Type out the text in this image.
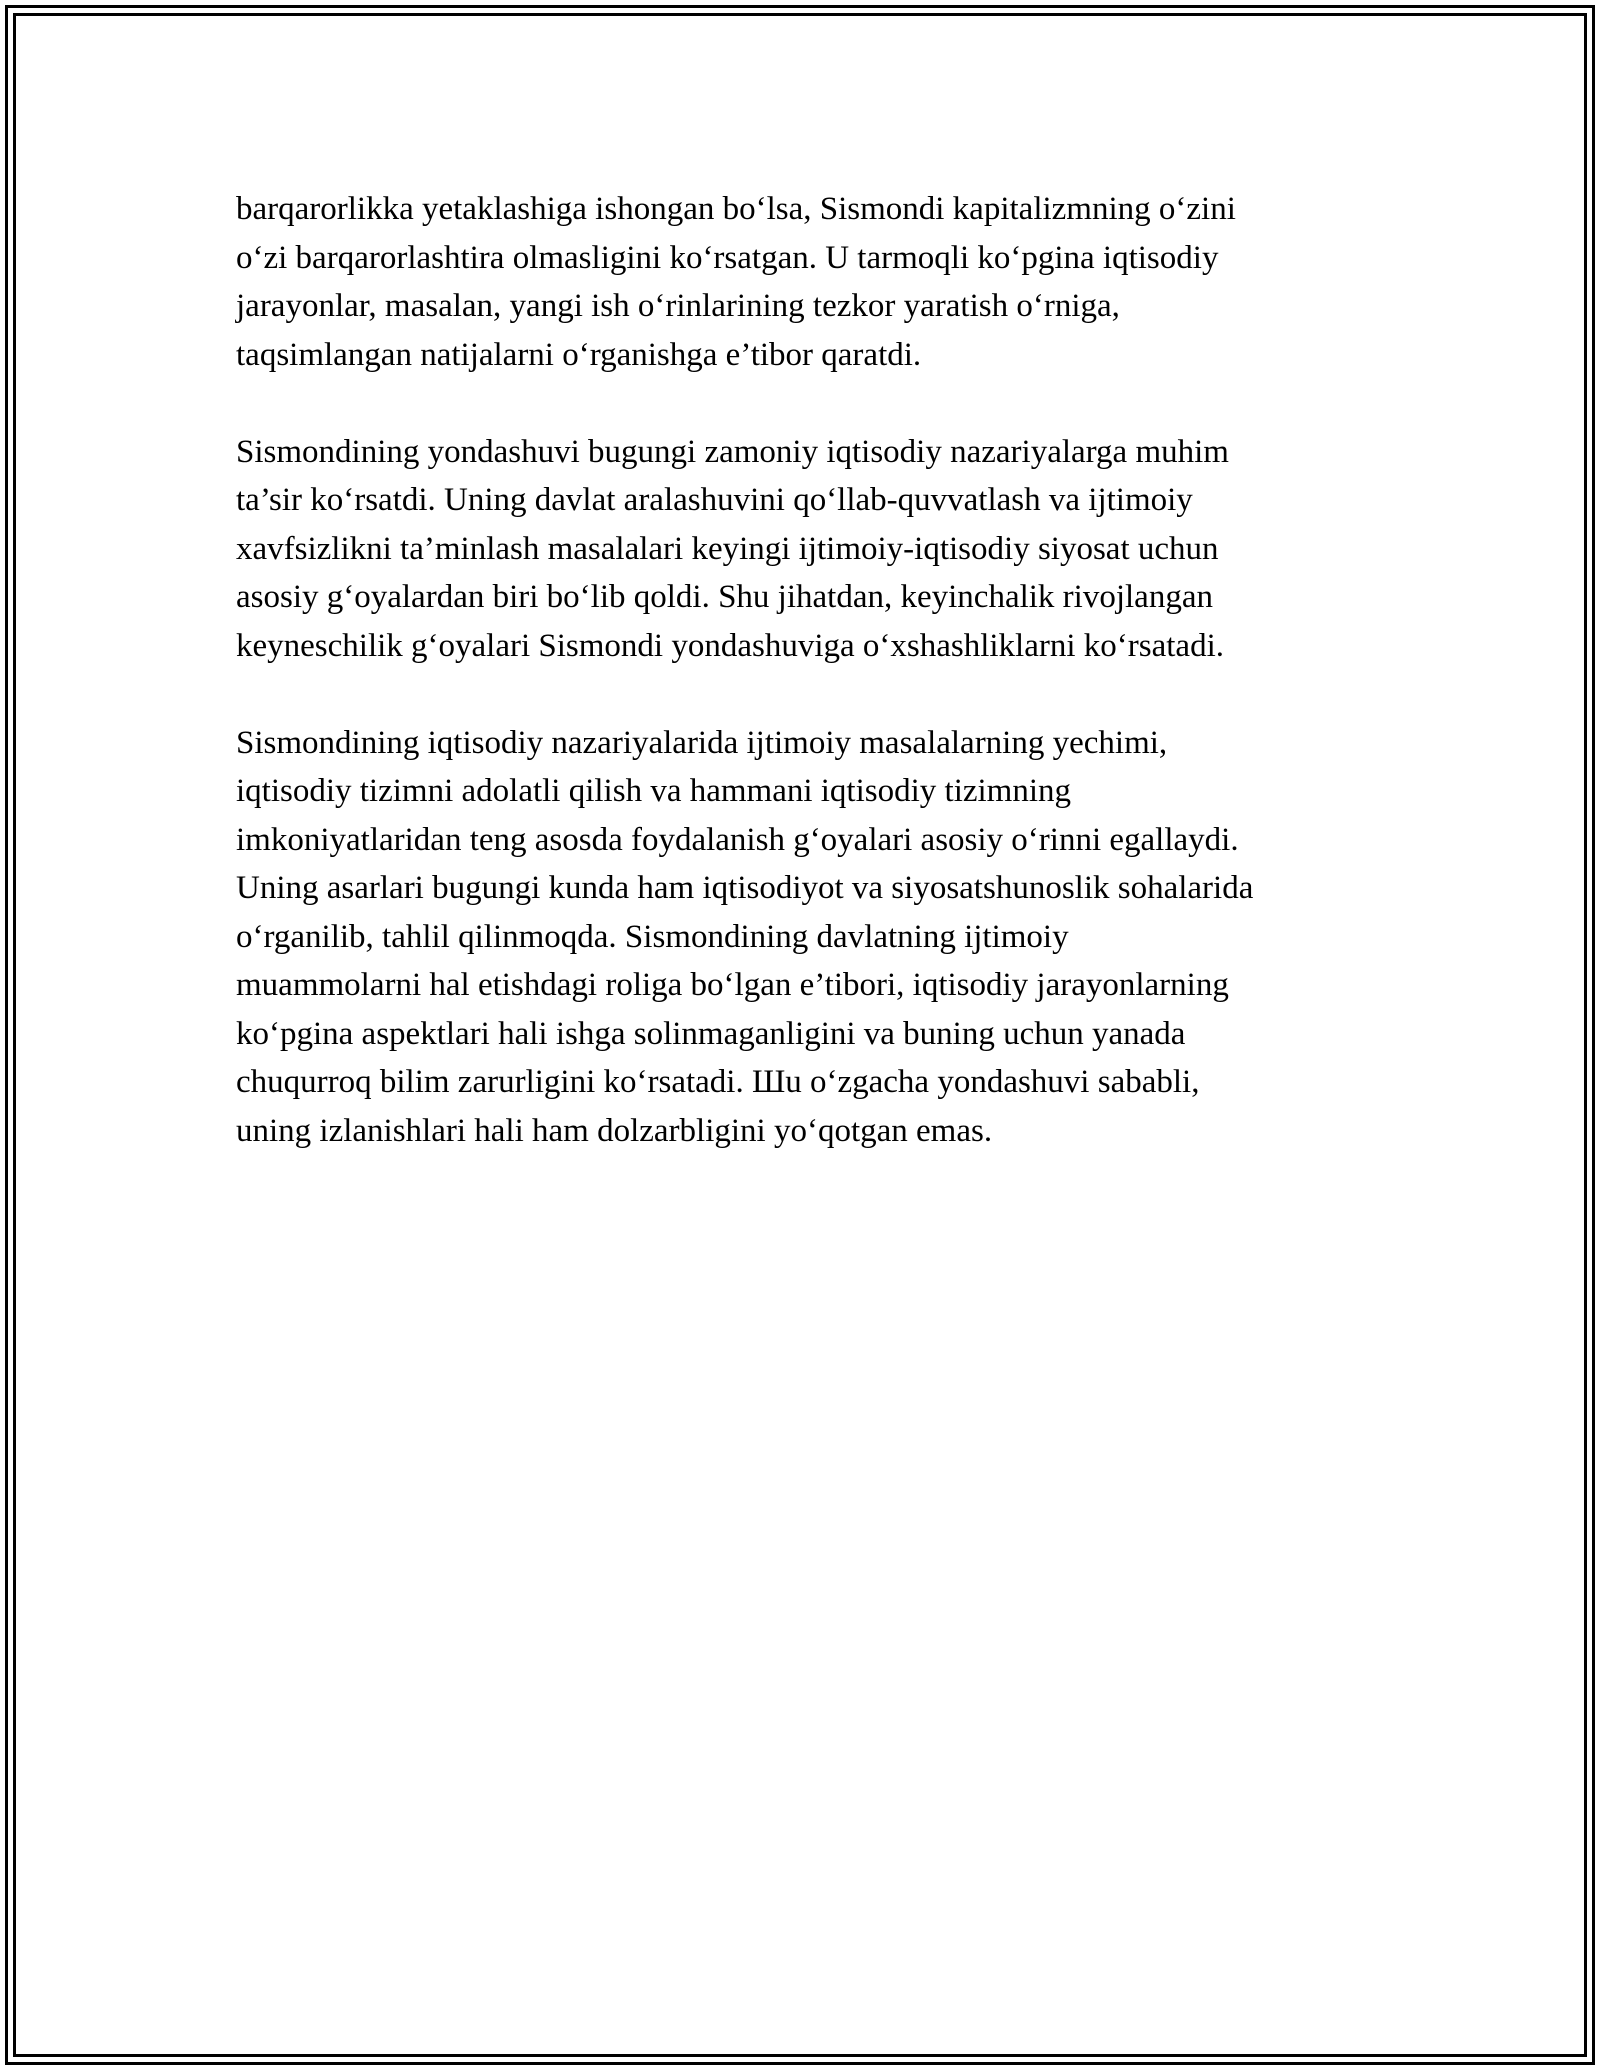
barqarorlikka yetaklashiga ishongan bo‘lsa, Sismondi kapitalizmning o‘zini
o‘zi barqarorlashtira olmasligini ko‘rsatgan. U tarmoqli ko‘pgina iqtisodiy
jarayonlar, masalan, yangi ish o‘rinlarining tezkor yaratish o‘rniga,
taqsimlangan natijalarni o‘rganishga e’tibor qaratdi.

Sismondining yondashuvi bugungi zamoniy iqtisodiy nazariyalarga muhim
ta’sir ko‘rsatdi. Uning davlat aralashuvini qo‘llab-quvvatlash va ijtimoiy
xavfsizlikni ta’minlash masalalari keyingi ijtimoiy-iqtisodiy siyosat uchun
asosiy g‘oyalardan biri bo‘lib qoldi. Shu jihatdan, keyinchalik rivojlangan
keyneschilik g‘oyalari Sismondi yondashuviga o‘xshashliklarni ko‘rsatadi.

Sismondining iqtisodiy nazariyalarida ijtimoiy masalalarning yechimi,
iqtisodiy tizimni adolatli qilish va hammani iqtisodiy tizimning
imkoniyatlaridan teng asosda foydalanish g‘oyalari asosiy o‘rinni egallaydi.
Uning asarlari bugungi kunda ham iqtisodiyot va siyosatshunoslik sohalarida
o‘rganilib, tahlil qilinmoqda. Sismondining davlatning ijtimoiy
muammolarni hal etishdagi roliga bo‘lgan e’tibori, iqtisodiy jarayonlarning
ko‘pgina aspektlari hali ishga solinmaganligini va buning uchun yanada
chuqurroq bilim zarurligini ko‘rsatadi. Шu o‘zgacha yondashuvi sababli,
uning izlanishlari hali ham dolzarbligini yo‘qotgan emas.
